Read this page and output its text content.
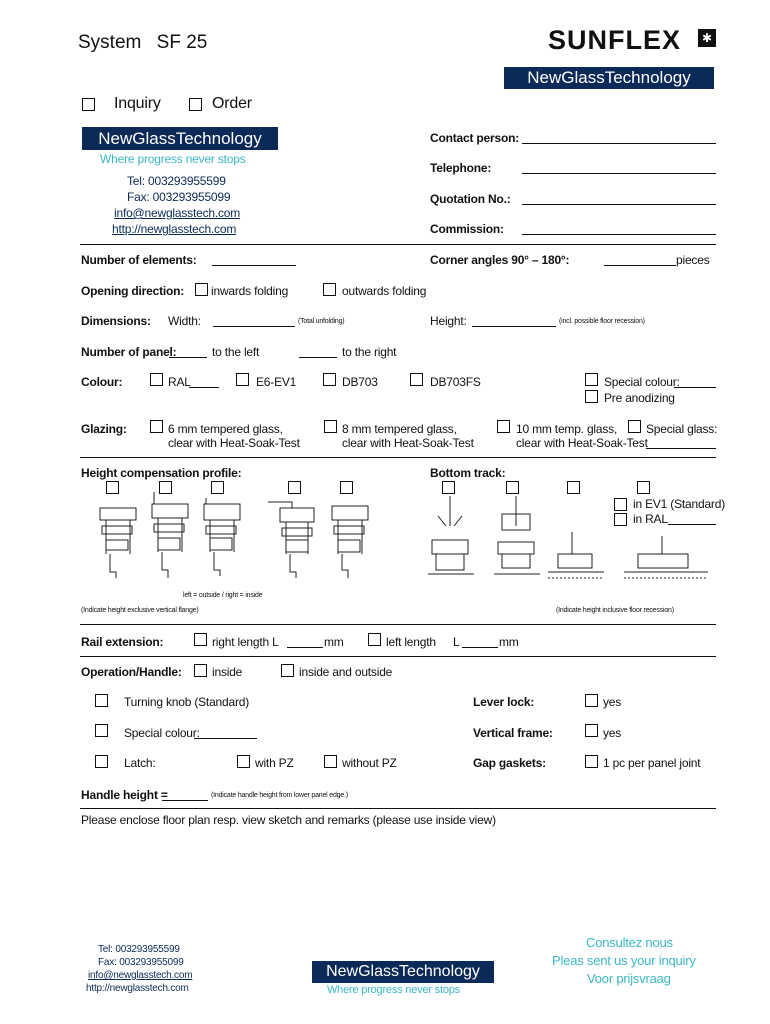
System SF 25	SUNFLEX	✱
NewGlassTechnology
Inquiry	Order
NewGlassTechnology
Where progress never stops
Tel: 003293955599
Fax: 003293955099
info@newglasstech.com
http://newglasstech.com
Contact person:
Telephone:
Quotation No.:
Commission:
Number of elements:	Corner angles 90° – 180°:	pieces
Opening direction: inwards folding	outwards folding
Dimensions: Width:	(Total unfolding)	Height:	(incl. possible floor recession)
Number of panel:	to the left	to the right
Colour:	RAL	E6-EV1	DB703	DB703FS	Special colour:
Pre anodizing
Glazing:	6 mm tempered glass,
clear with Heat-Soak-Test
8 mm tempered glass,
clear with Heat-Soak-Test
10 mm temp. glass,
clear with Heat-Soak-Test
Special glass:
Height compensation profile:	Bottom track:
in EV1 (Standard)
in RAL
left = outside / right = inside
(Indicate height exclusive vertical flange)	(Indicate height inclusive floor recession)
Rail extension:	right length L	mm	left length L	mm
Operation/Handle:	inside	inside and outside
Turning knob (Standard)	Lever lock:	yes
Special colour:	Vertical frame:	yes
Latch:	with PZ	without PZ	Gap gaskets:	1 pc per panel joint
Handle height =	(Indicate handle height from lower panel edge.)
Please enclose floor plan resp. view sketch and remarks (please use inside view)
Tel: 003293955599
Fax: 003293955099
info@newglasstech.com
http://newglasstech.com
NewGlassTechnology
Where progress never stops
Consultez nous
Pleas sent us your inquiry
Voor prijsvraag
